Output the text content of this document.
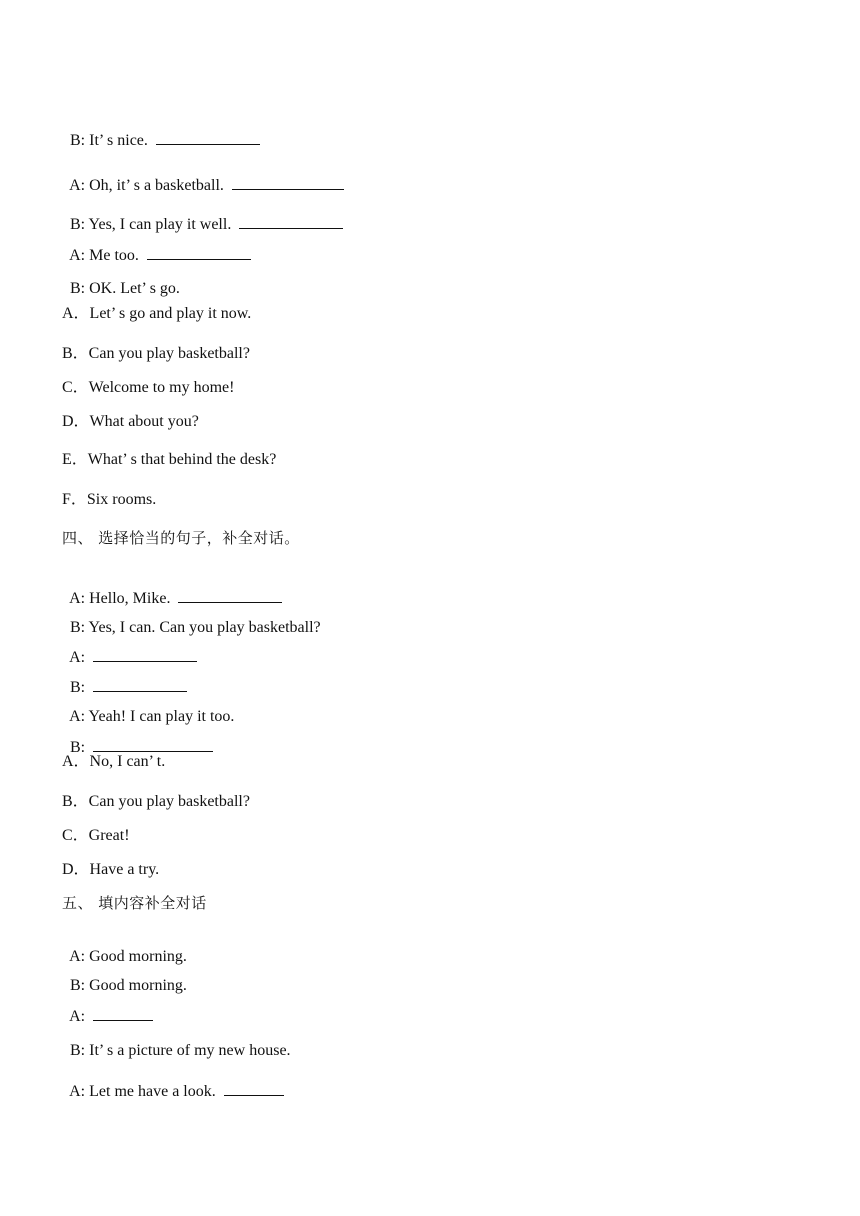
B: It’ s nice.

A: Oh, it’ s a basketball.

B: Yes, I can play it well.

A: Me too.

B: OK. Let’ s go.

A．Let’ s go and play it now.
B．Can you play basketball?
C．Welcome to my home!
D．What about you?
E．What’ s that behind the desk?
F．Six rooms.
四、 选择恰当的句子，补全对话。

A: Hello, Mike.

B: Yes, I can. Can you play basketball?

A:

B:

A: Yeah! I can play it too.

B:

A．No, I can’ t.
B．Can you play basketball?
C．Great!
D．Have a try.
五、 填内容补全对话

A: Good morning.

B: Good morning.

A:

B: It’ s a picture of my new house.

A: Let me have a look.
